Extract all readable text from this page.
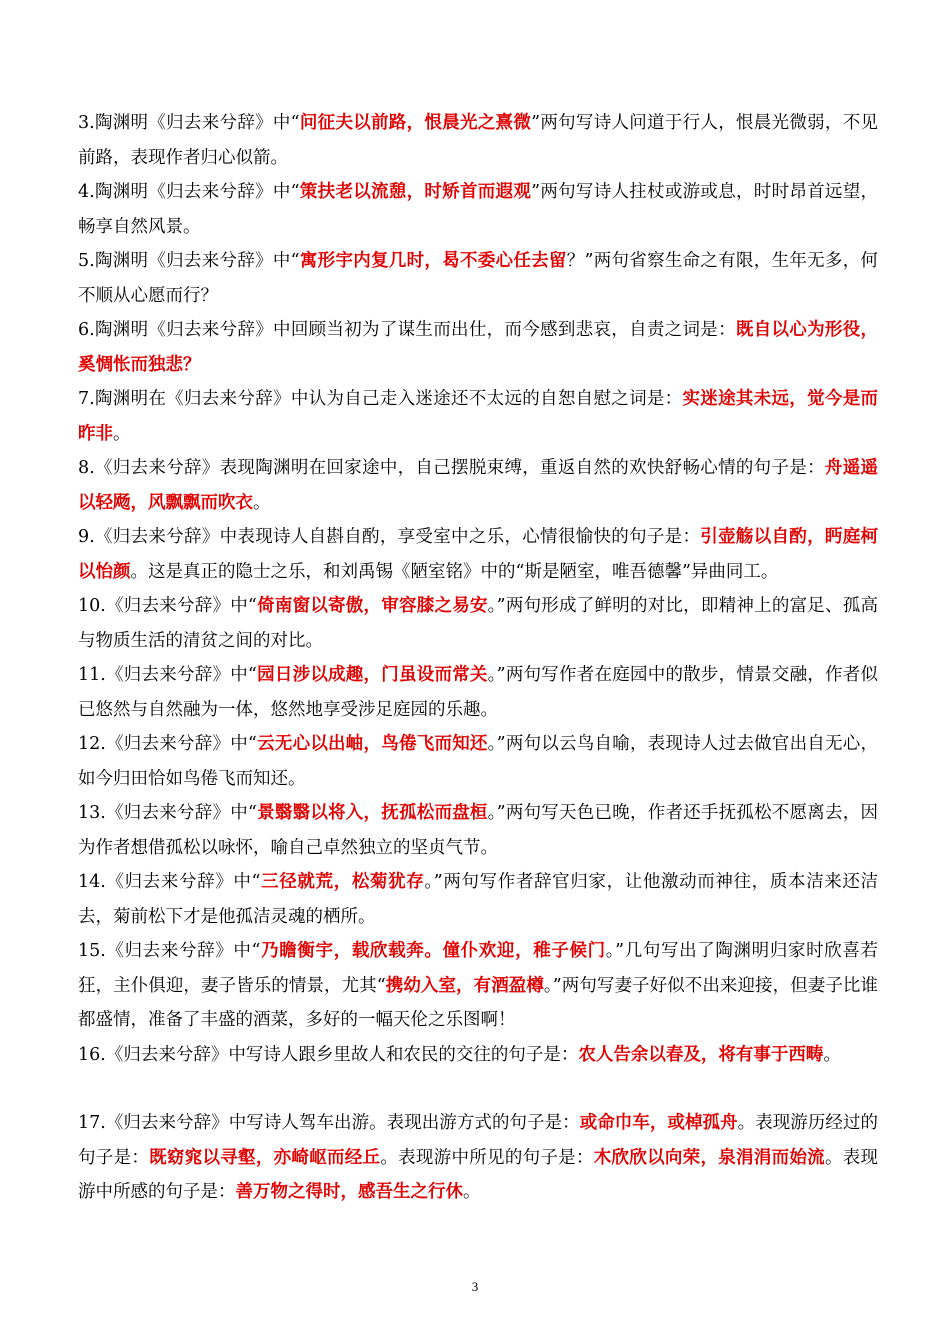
3.陶渊明《归去来兮辞》中“问征夫以前路，恨晨光之熹微”两句写诗人问道于行人，恨晨光微弱，不见前路，表现作者归心似箭。
4.陶渊明《归去来兮辞》中“策扶老以流憩，时矫首而遐观”两句写诗人拄杖或游或息，时时昂首远望，畅享自然风景。
5.陶渊明《归去来兮辞》中“寓形宇内复几时，曷不委心任去留？”两句省察生命之有限，生年无多，何不顺从心愿而行？
6.陶渊明《归去来兮辞》中回顾当初为了谋生而出仕，而今感到悲哀，自责之词是：既自以心为形役，奚惆怅而独悲？
7.陶渊明在《归去来兮辞》中认为自己走入迷途还不太远的自恕自慰之词是：实迷途其未远，觉今是而昨非。
8.《归去来兮辞》表现陶渊明在回家途中，自己摆脱束缚，重返自然的欢快舒畅心情的句子是：舟遥遥以轻飏，风飘飘而吹衣。
9.《归去来兮辞》中表现诗人自斟自酌，享受室中之乐，心情很愉快的句子是：引壶觞以自酌，眄庭柯以怡颜。这是真正的隐士之乐，和刘禹锡《陋室铭》中的“斯是陋室，唯吾德馨”异曲同工。
10.《归去来兮辞》中“倚南窗以寄傲，审容膝之易安。”两句形成了鲜明的对比，即精神上的富足、孤高与物质生活的清贫之间的对比。
11.《归去来兮辞》中“园日涉以成趣，门虽设而常关。”两句写作者在庭园中的散步，情景交融，作者似已悠然与自然融为一体，悠然地享受涉足庭园的乐趣。
12.《归去来兮辞》中“云无心以出岫，鸟倦飞而知还。”两句以云鸟自喻，表现诗人过去做官出自无心，如今归田恰如鸟倦飞而知还。
13.《归去来兮辞》中“景翳翳以将入，抚孤松而盘桓。”两句写天色已晚，作者还手抚孤松不愿离去，因为作者想借孤松以咏怀，喻自己卓然独立的坚贞气节。
14.《归去来兮辞》中“三径就荒，松菊犹存。”两句写作者辞官归家，让他激动而神往，质本洁来还洁去，菊前松下才是他孤洁灵魂的栖所。
15.《归去来兮辞》中“乃瞻衡宇，载欣载奔。僮仆欢迎，稚子候门。”几句写出了陶渊明归家时欣喜若狂，主仆俱迎，妻子皆乐的情景，尤其“携幼入室，有酒盈樽。”两句写妻子好似不出来迎接，但妻子比谁都盛情，准备了丰盛的酒菜，多好的一幅天伦之乐图啊！
16.《归去来兮辞》中写诗人跟乡里故人和农民的交往的句子是：农人告余以春及，将有事于西畴。
17.《归去来兮辞》中写诗人驾车出游。表现出游方式的句子是：或命巾车，或棹孤舟。表现游历经过的句子是：既窈窕以寻壑，亦崎岖而经丘。表现游中所见的句子是：木欣欣以向荣，泉涓涓而始流。表现游中所感的句子是：善万物之得时，感吾生之行休。
3
